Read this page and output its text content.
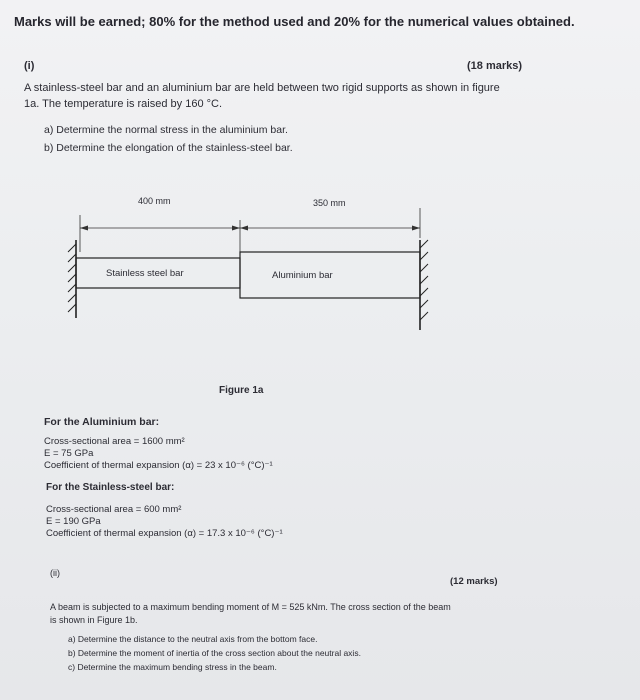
Marks will be earned; 80% for the method used and 20% for the numerical values obtained.
(i)	(18 marks)
A stainless-steel bar and an aluminium bar are held between two rigid supports as shown in figure
1a. The temperature is raised by 160 °C.
a) Determine the normal stress in the aluminium bar.
b) Determine the elongation of the stainless-steel bar.
400 mm	350 mm
Stainless steel bar	Aluminium bar
Figure 1a
For the Aluminium bar:
Cross-sectional area = 1600 mm²
E = 75 GPa
Coefficient of thermal expansion (α) = 23 x 10⁻⁶ (°C)⁻¹
For the Stainless-steel bar:
Cross-sectional area = 600 mm²
E = 190 GPa
Coefficient of thermal expansion (α) = 17.3 x 10⁻⁶ (°C)⁻¹
(ii)
(12 marks)
A beam is subjected to a maximum bending moment of M = 525 kNm. The cross section of the beam
is shown in Figure 1b.
a) Determine the distance to the neutral axis from the bottom face.
b) Determine the moment of inertia of the cross section about the neutral axis.
c) Determine the maximum bending stress in the beam.
